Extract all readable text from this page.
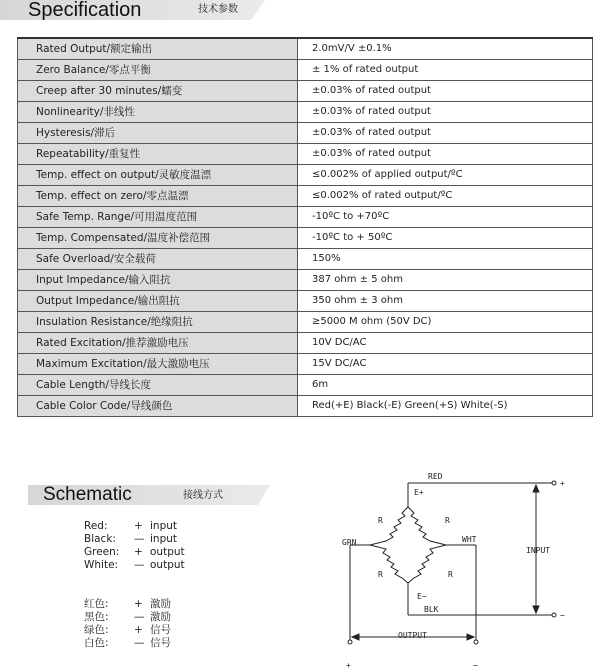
Specification	技术参数
Rated Output/额定输出	2.0mV/V ±0.1%
Zero Balance/零点平衡	± 1% of rated output
Creep after 30 minutes/蠕变	±0.03% of rated output
Nonlinearity/非线性	±0.03% of rated output
Hysteresis/滞后	±0.03% of rated output
Repeatability/重复性	±0.03% of rated output
Temp. effect on output/灵敏度温漂	≤0.002% of applied output/ºC
Temp. effect on zero/零点温漂	≤0.002% of rated output/ºC
Safe Temp. Range/可用温度范围	-10ºC to +70ºC
Temp. Compensated/温度补偿范围	-10ºC to + 50ºC
Safe Overload/安全载荷	150%
Input Impedance/输入阻抗	387 ohm ± 5 ohm
Output Impedance/输出阻抗	350 ohm ± 3 ohm
Insulation Resistance/绝缘阻抗	≥5000 M ohm (50V DC)
Rated Excitation/推荐激励电压	10V DC/AC
Maximum Excitation/最大激励电压	15V DC/AC
Cable Length/导线长度	6m
Cable Color Code/导线颜色	Red(+E) Black(-E) Green(+S) White(-S)
Schematic	接线方式
Red:	+ input
Black: — input
Green: + output
White: — output
红色: + 激励
黑色: — 激励
绿色: + 信号
白色: — 信号
RED
E+
GRN	WHT
E−
BLK
R	R
R	R
INPUT
OUTPUT
+
−
+	−
